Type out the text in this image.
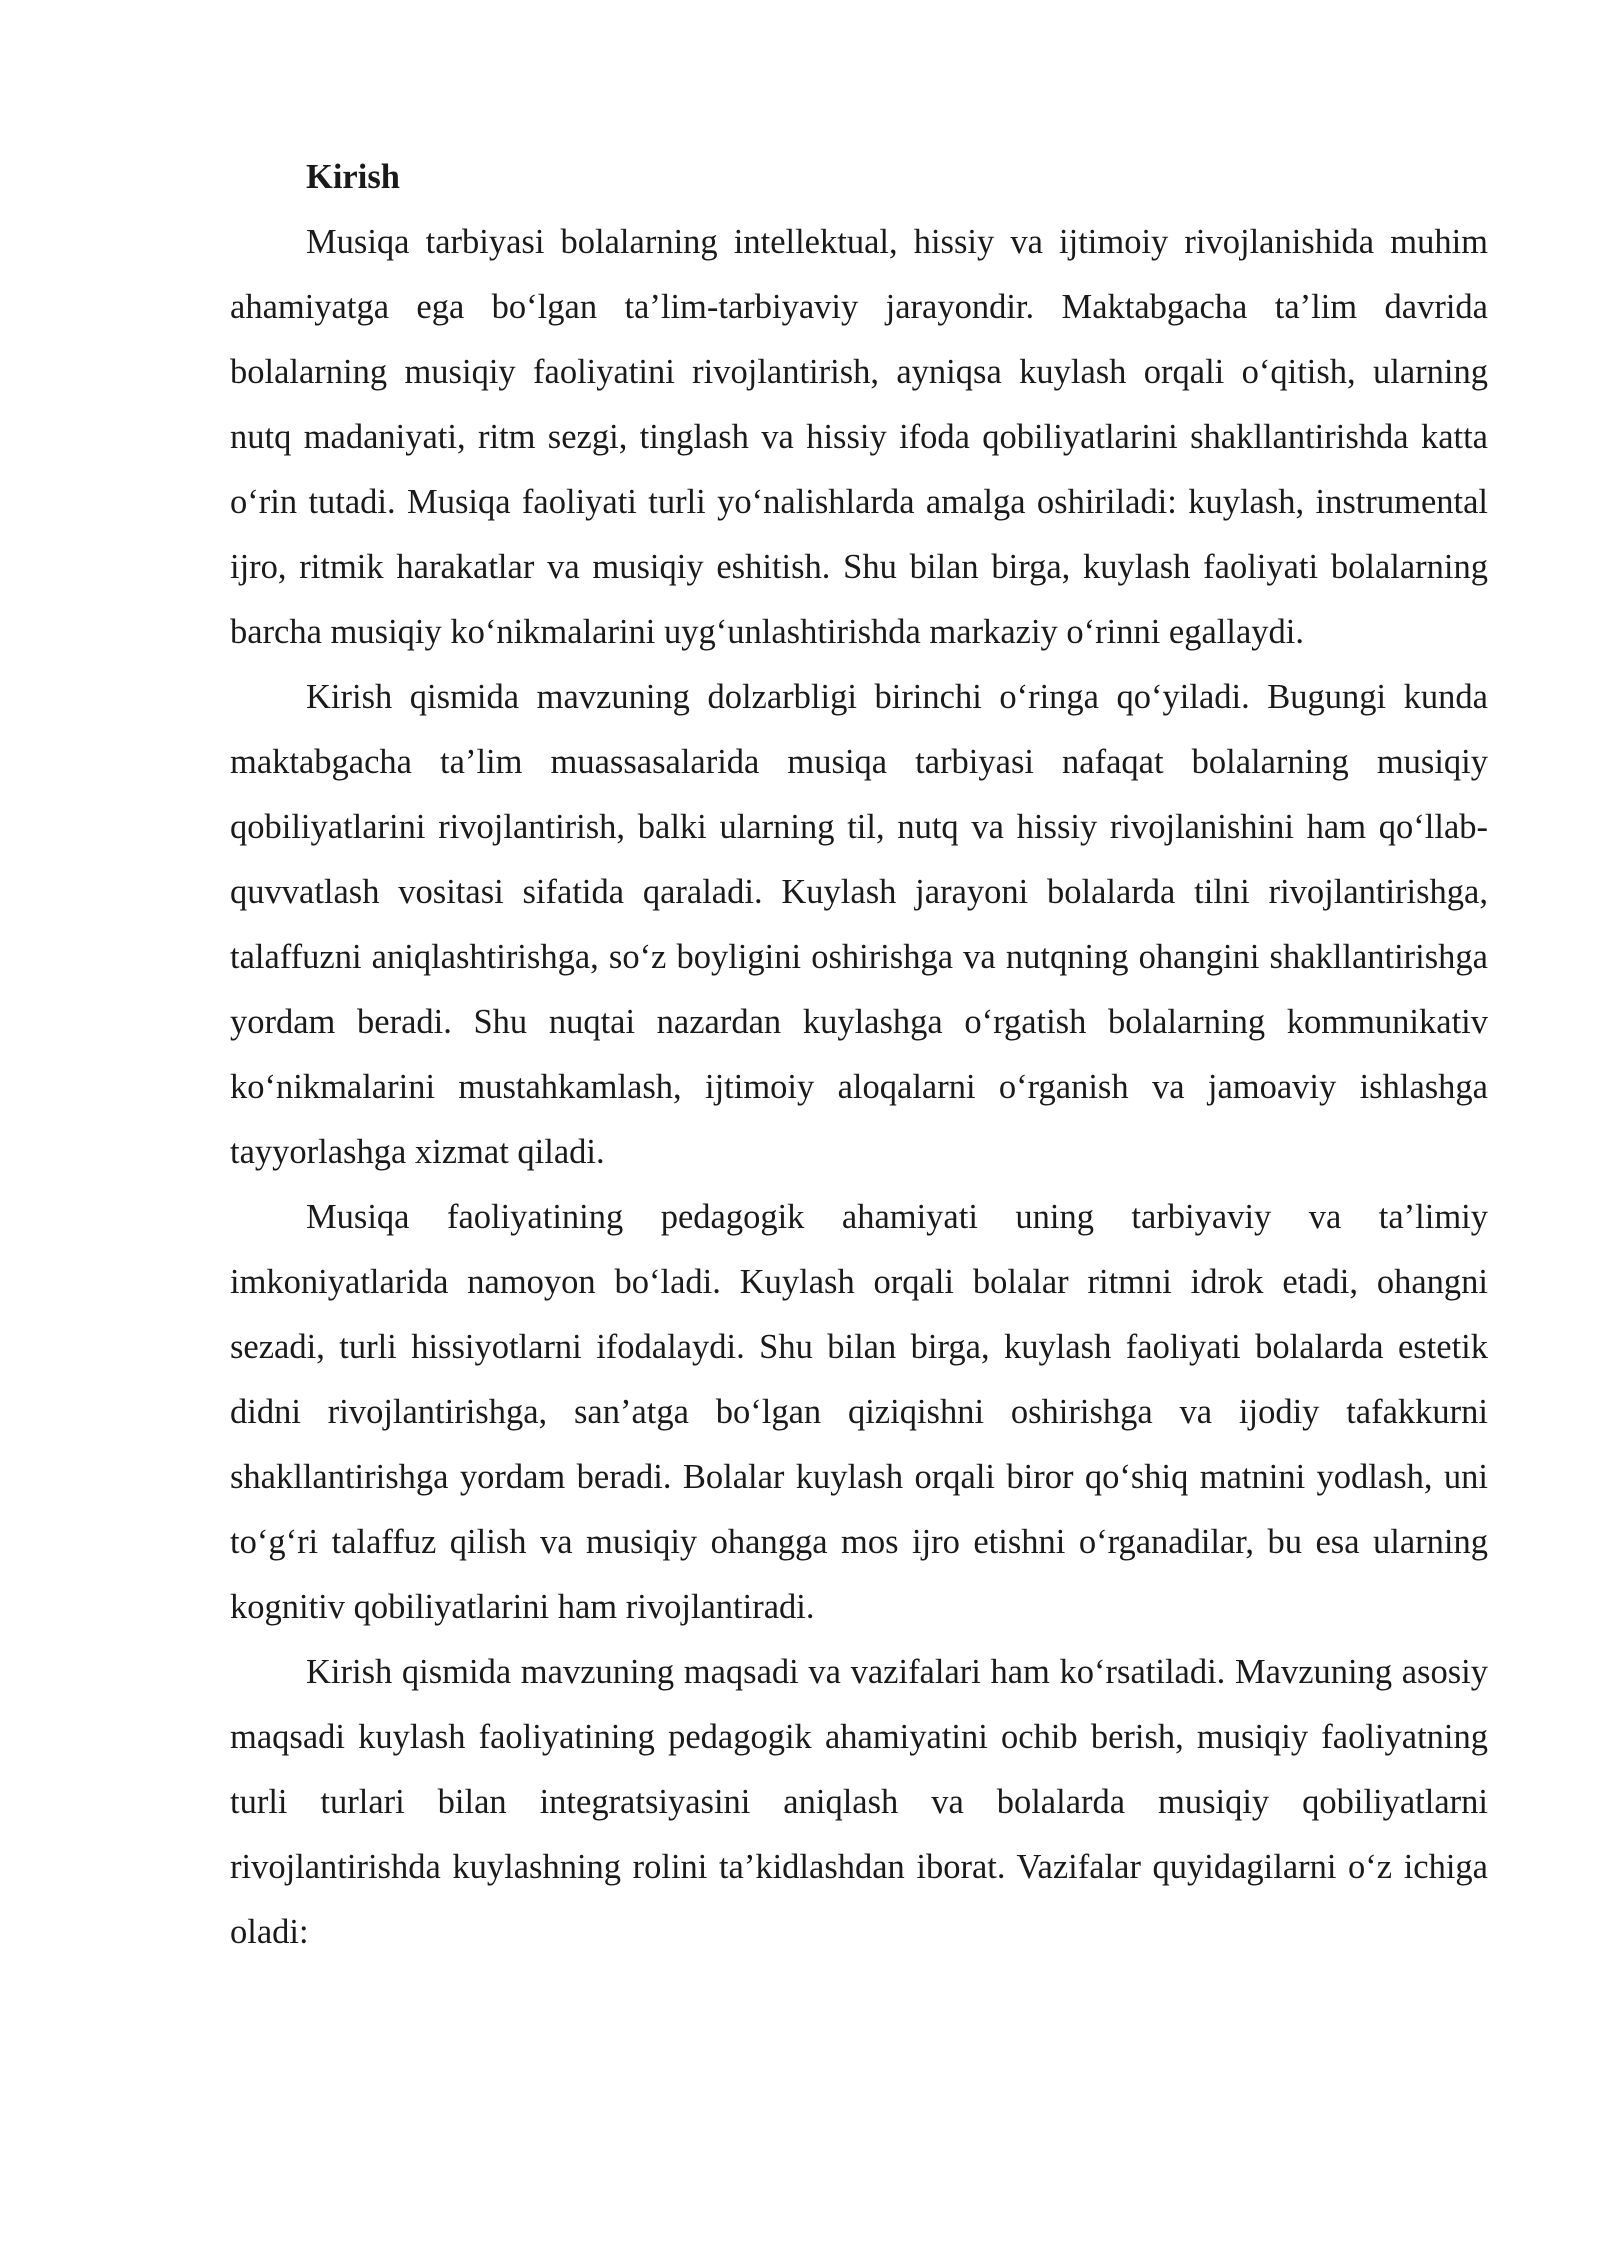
Kirish

Musiqa tarbiyasi bolalarning intellektual, hissiy va ijtimoiy rivojlanishida muhim ahamiyatga ega bo‘lgan ta’lim-tarbiyaviy jarayondir. Maktabgacha ta’lim davrida bolalarning musiqiy faoliyatini rivojlantirish, ayniqsa kuylash orqali o‘qitish, ularning nutq madaniyati, ritm sezgi, tinglash va hissiy ifoda qobiliyatlarini shakllantirishda katta o‘rin tutadi. Musiqa faoliyati turli yo‘nalishlarda amalga oshiriladi: kuylash, instrumental ijro, ritmik harakatlar va musiqiy eshitish. Shu bilan birga, kuylash faoliyati bolalarning barcha musiqiy ko‘nikmalarini uyg‘unlashtirishda markaziy o‘rinni egallaydi.

Kirish qismida mavzuning dolzarbligi birinchi o‘ringa qo‘yiladi. Bugungi kunda maktabgacha ta’lim muassasalarida musiqa tarbiyasi nafaqat bolalarning musiqiy qobiliyatlarini rivojlantirish, balki ularning til, nutq va hissiy rivojlanishini ham qo‘llab-quvvatlash vositasi sifatida qaraladi. Kuylash jarayoni bolalarda tilni rivojlantirishga, talaffuzni aniqlashtirishga, so‘z boyligini oshirishga va nutqning ohangini shakllantirishga yordam beradi. Shu nuqtai nazardan kuylashga o‘rgatish bolalarning kommunikativ ko‘nikmalarini mustahkamlash, ijtimoiy aloqalarni o‘rganish va jamoaviy ishlashga tayyorlashga xizmat qiladi.

Musiqa faoliyatining pedagogik ahamiyati uning tarbiyaviy va ta’limiy imkoniyatlarida namoyon bo‘ladi. Kuylash orqali bolalar ritmni idrok etadi, ohangni sezadi, turli hissiyotlarni ifodalaydi. Shu bilan birga, kuylash faoliyati bolalarda estetik didni rivojlantirishga, san’atga bo‘lgan qiziqishni oshirishga va ijodiy tafakkurni shakllantirishga yordam beradi. Bolalar kuylash orqali biror qo‘shiq matnini yodlash, uni to‘g‘ri talaffuz qilish va musiqiy ohangga mos ijro etishni o‘rganadilar, bu esa ularning kognitiv qobiliyatlarini ham rivojlantiradi.

Kirish qismida mavzuning maqsadi va vazifalari ham ko‘rsatiladi. Mavzuning asosiy maqsadi kuylash faoliyatining pedagogik ahamiyatini ochib berish, musiqiy faoliyatning turli turlari bilan integratsiyasini aniqlash va bolalarda musiqiy qobiliyatlarni rivojlantirishda kuylashning rolini ta’kidlashdan iborat. Vazifalar quyidagilarni o‘z ichiga oladi:
